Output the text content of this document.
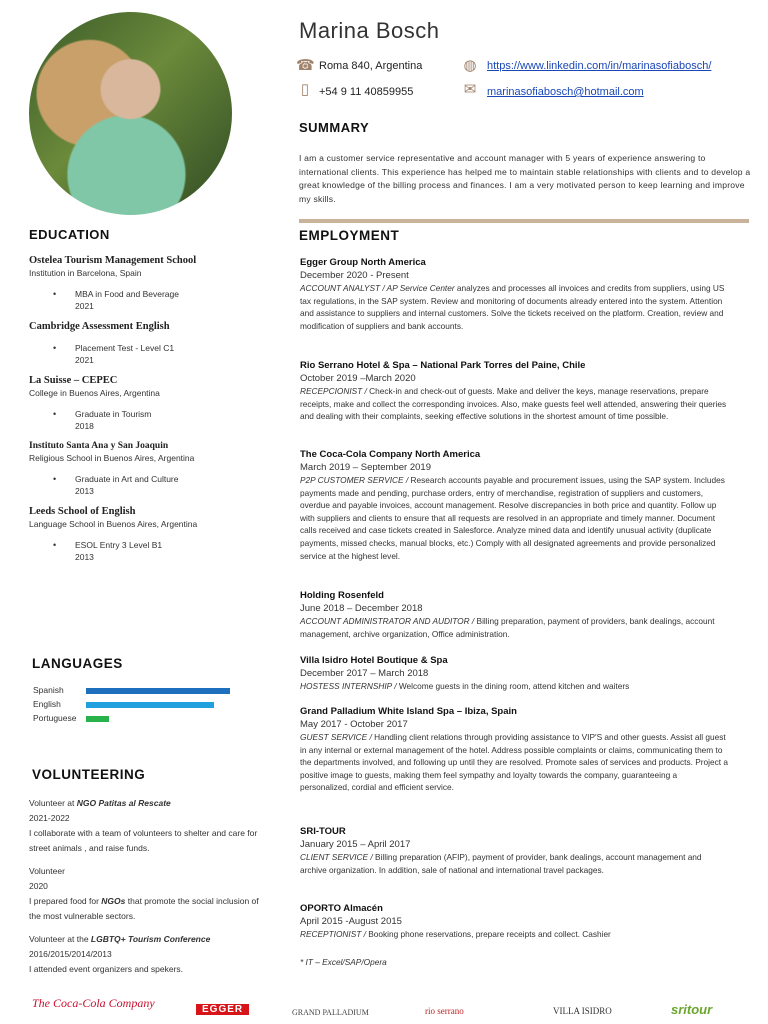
Marina Bosch
☎ Roma 840, Argentina
▯ +54 9 11 40859955
◍ https://www.linkedin.com/in/marinasofiabosch/
✉ marinasofiabosch@hotmail.com
SUMMARY
I am a customer service representative and account manager with 5 years of experience answering to international clients. This experience has helped me to maintain stable relationships with clients and to develop a great knowledge of the billing process and finances. I am a very motivated person to keep learning and improve my skills.
EDUCATION
Ostelea Tourism Management School
Institution in Barcelona, Spain
• MBA in Food and Beverage
2021
Cambridge Assessment English
• Placement Test - Level C1
2021
La Suisse – CEPEC
College in Buenos Aires, Argentina
• Graduate in Tourism
2018
Instituto Santa Ana y San Joaquin
Religious School in Buenos Aires, Argentina
• Graduate in Art and Culture
2013
Leeds School of English
Language School in Buenos Aires, Argentina
• ESOL Entry 3 Level B1
2013
LANGUAGES
Spanish
English
Portuguese
VOLUNTEERING

Volunteer at NGO Patitas al Rescate

2021-2022

I collaborate with a team of volunteers to shelter and care for street animals , and raise funds.

Volunteer

2020

I prepared food for NGOs that promote the social inclusion of the most vulnerable sectors.

Volunteer at the LGBTQ+ Tourism Conference

2016/2015/2014/2013

I attended event organizers and spekers.

EMPLOYMENT
Egger Group North America
December 2020 - Present
ACCOUNT ANALYST / AP Service Center analyzes and processes all invoices and credits from suppliers, using US tax regulations, in the SAP system. Review and monitoring of documents already entered into the system. Attention and assistance to suppliers and internal customers. Solve the tickets received on the platform. Creation, review and modification of suppliers and bank accounts.
Rio Serrano Hotel & Spa – National Park Torres del Paine, Chile
October 2019 –March 2020
RECEPCIONIST / Check-in and check-out of guests. Make and deliver the keys, manage reservations, prepare receipts, make and collect the corresponding invoices. Also, make guests feel well attended, answering their queries and dealing with their complaints, seeking effective solutions in the shortest amount of time possible.
The Coca-Cola Company North America
March 2019 – September 2019
P2P CUSTOMER SERVICE / Research accounts payable and procurement issues, using the SAP system. Includes payments made and pending, purchase orders, entry of merchandise, registration of suppliers and customers, overdue and payable invoices, account management. Resolve discrepancies in both price and quantity. Follow up with suppliers and clients to ensure that all requests are resolved in an appropriate and timely manner. Document calls received and case tickets created in Salesforce. Analyze mined data and identify unusual activity (duplicate payments, missed checks, manual blocks, etc.) Comply with all designated agreements and provide personalized service at the highest level.
Holding Rosenfeld
June 2018 – December 2018
ACCOUNT ADMINISTRATOR AND AUDITOR / Billing preparation, payment of providers, bank dealings, account management, archive organization, Office administration.
Villa Isidro Hotel Boutique & Spa
December 2017 – March 2018
HOSTESS INTERNSHIP / Welcome guests in the dining room, attend kitchen and waiters
Grand Palladium White Island Spa – Ibiza, Spain
May 2017 - October 2017
GUEST SERVICE / Handling client relations through providing assistance to VIP'S and other guests. Assist all guest in any internal or external management of the hotel. Address possible complaints or claims, communicating them to the departments involved, and following up until they are resolved. Promote sales of services and products. Project a positive image to guests, making them feel sympathy and loyalty towards the company, guaranteeing a personalized, cordial and efficient service.
SRI-TOUR
January 2015 – April 2017
CLIENT SERVICE / Billing preparation (AFIP), payment of provider, bank dealings, account management and archive organization. In addition, sale of national and international travel packages.
OPORTO Almacén
April 2015 -August 2015
RECEPTIONIST / Booking phone reservations, prepare receipts and collect. Cashier
* IT – Excel/SAP/Opera
The Coca-Cola Company	EGGER	GRAND PALLADIUM	rio serrano	VILLA ISIDRO	sritour
